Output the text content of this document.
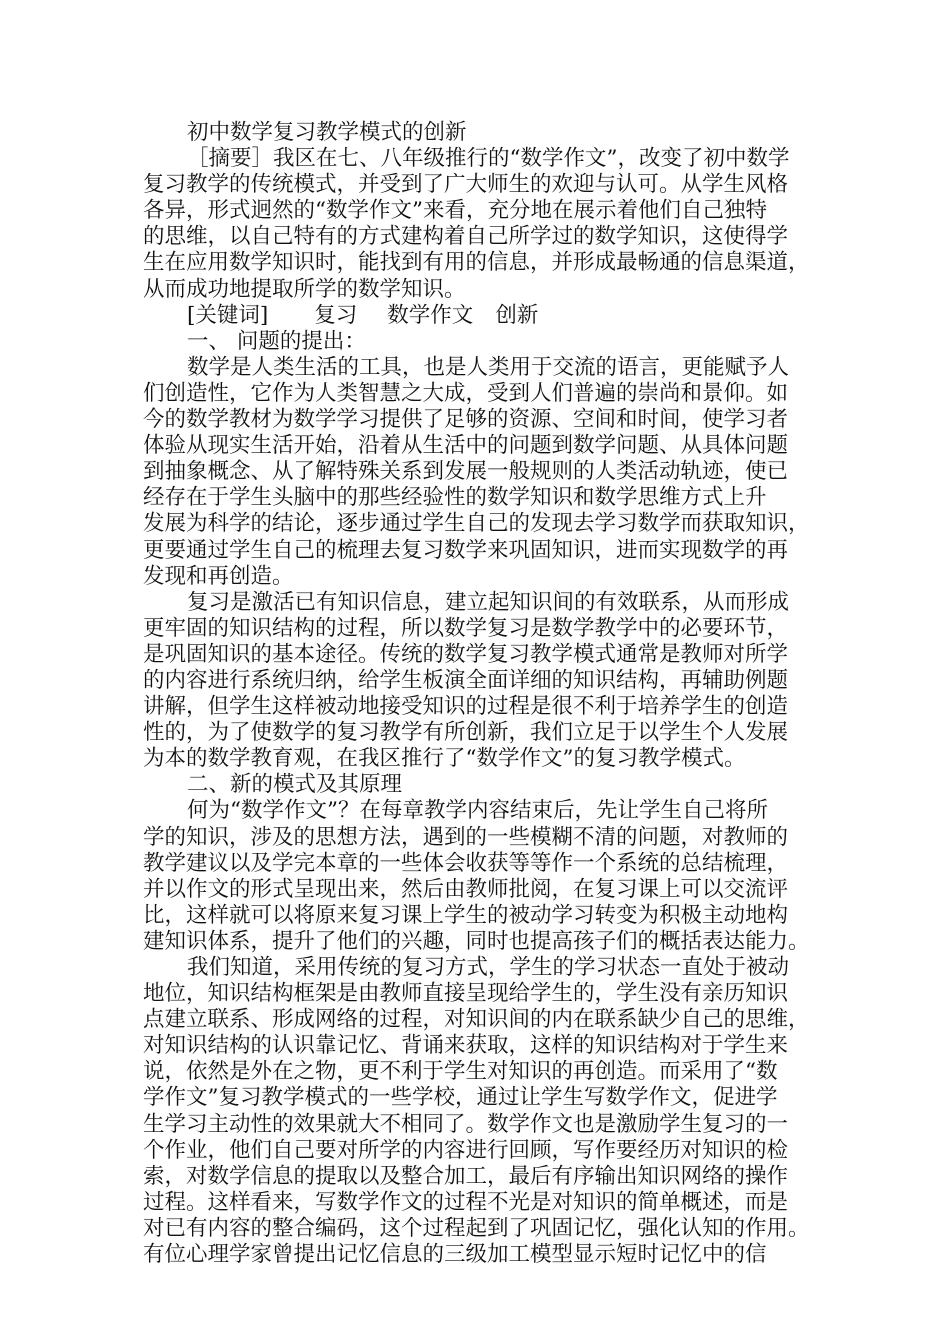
初中数学复习教学模式的创新
［摘要］我区在七、八年级推行的“数学作文”，改变了初中数学
复习教学的传统模式，并受到了广大师生的欢迎与认可。从学生风格
各异，形式迥然的“数学作文”来看，充分地在展示着他们自己独特
的思维，以自己特有的方式建构着自己所学过的数学知识，这使得学
生在应用数学知识时，能找到有用的信息，并形成最畅通的信息渠道，
从而成功地提取所学的数学知识。
[关键词] 复习 数学作文 创新
一、 问题的提出：
数学是人类生活的工具，也是人类用于交流的语言，更能赋予人
们创造性，它作为人类智慧之大成，受到人们普遍的崇尚和景仰。如
今的数学教材为数学学习提供了足够的资源、空间和时间，使学习者
体验从现实生活开始，沿着从生活中的问题到数学问题、从具体问题
到抽象概念、从了解特殊关系到发展一般规则的人类活动轨迹，使已
经存在于学生头脑中的那些经验性的数学知识和数学思维方式上升
发展为科学的结论，逐步通过学生自己的发现去学习数学而获取知识，
更要通过学生自己的梳理去复习数学来巩固知识，进而实现数学的再
发现和再创造。
复习是激活已有知识信息，建立起知识间的有效联系，从而形成
更牢固的知识结构的过程，所以数学复习是数学教学中的必要环节，
是巩固知识的基本途径。传统的数学复习教学模式通常是教师对所学
的内容进行系统归纳，给学生板演全面详细的知识结构，再辅助例题
讲解，但学生这样被动地接受知识的过程是很不利于培养学生的创造
性的，为了使数学的复习教学有所创新，我们立足于以学生个人发展
为本的数学教育观，在我区推行了“数学作文”的复习教学模式。
二、新的模式及其原理
何为“数学作文”？在每章教学内容结束后，先让学生自己将所
学的知识，涉及的思想方法，遇到的一些模糊不清的问题，对教师的
教学建议以及学完本章的一些体会收获等等作一个系统的总结梳理，
并以作文的形式呈现出来，然后由教师批阅，在复习课上可以交流评
比，这样就可以将原来复习课上学生的被动学习转变为积极主动地构
建知识体系，提升了他们的兴趣，同时也提高孩子们的概括表达能力。
我们知道，采用传统的复习方式，学生的学习状态一直处于被动
地位，知识结构框架是由教师直接呈现给学生的，学生没有亲历知识
点建立联系、形成网络的过程，对知识间的内在联系缺少自己的思维，
对知识结构的认识靠记忆、背诵来获取，这样的知识结构对于学生来
说，依然是外在之物，更不利于学生对知识的再创造。而采用了“数
学作文”复习教学模式的一些学校，通过让学生写数学作文，促进学
生学习主动性的效果就大不相同了。数学作文也是激励学生复习的一
个作业，他们自己要对所学的内容进行回顾，写作要经历对知识的检
索，对数学信息的提取以及整合加工，最后有序输出知识网络的操作
过程。这样看来，写数学作文的过程不光是对知识的简单概述，而是
对已有内容的整合编码，这个过程起到了巩固记忆，强化认知的作用。
有位心理学家曾提出记忆信息的三级加工模型显示短时记忆中的信
